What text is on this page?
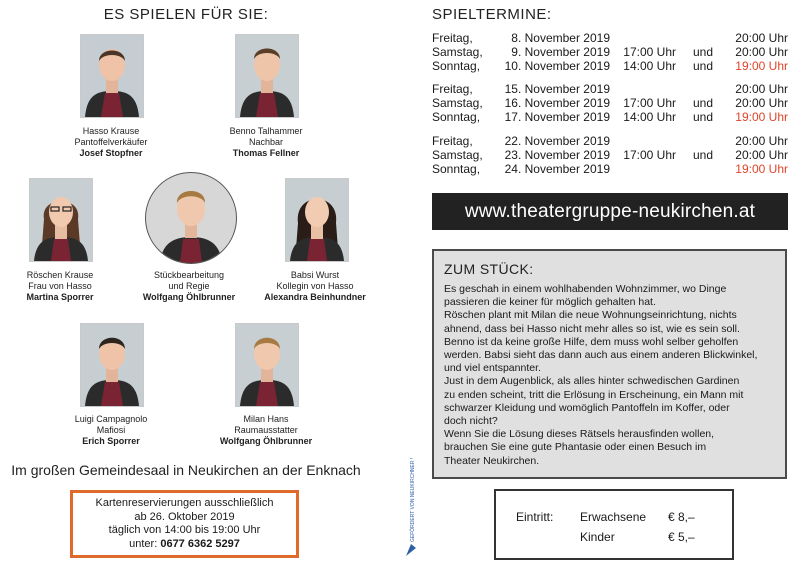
ES SPIELEN FÜR SIE:
Hasso Krause
Pantoffelverkäufer
Josef Stopfner
Benno Talhammer
Nachbar
Thomas Fellner
Röschen Krause
Frau von Hasso
Martina Sporrer
Stückbearbeitung
und Regie
Wolfgang Öhlbrunner
Babsi Wurst
Kollegin von Hasso
Alexandra Beinhundner
Luigi Campagnolo
Mafiosi
Erich Sporrer
Milan Hans
Raumausstatter
Wolfgang Öhlbrunner
Im großen Gemeindesaal in Neukirchen an der Enknach
Kartenreservierungen ausschließlich
ab 26. Oktober 2019
täglich von 14:00 bis 19:00 Uhr
unter: 0677 6362 5297
GEFÖRDERT VON NEUKIRCHNER VEREINIGUNG
SPIELTERMINE:
Freitag,	8. November 2019	20:00 Uhr
Samstag,	9. November 2019	17:00 Uhr und 20:00 Uhr
Sonntag,	10. November 2019	14:00 Uhr und 19:00 Uhr
Freitag,	15. November 2019	20:00 Uhr
Samstag,	16. November 2019	17:00 Uhr und 20:00 Uhr
Sonntag,	17. November 2019	14:00 Uhr und 19:00 Uhr
Freitag,	22. November 2019	20:00 Uhr
Samstag,	23. November 2019	17:00 Uhr und 20:00 Uhr
Sonntag,	24. November 2019	19:00 Uhr
www.theatergruppe-neukirchen.at
ZUM STÜCK:
Es geschah in einem wohlhabenden Wohnzimmer, wo Dinge
passieren die keiner für möglich gehalten hat.
Röschen plant mit Milan die neue Wohnungseinrichtung, nichts
ahnend, dass bei Hasso nicht mehr alles so ist, wie es sein soll.
Benno ist da keine große Hilfe, dem muss wohl selber geholfen
werden. Babsi sieht das dann auch aus einem anderen Blickwinkel,
und viel entspannter.
Just in dem Augenblick, als alles hinter schwedischen Gardinen
zu enden scheint, tritt die Erlösung in Erscheinung, ein Mann mit
schwarzer Kleidung und womöglich Pantoffeln im Koffer, oder
doch nicht?
Wenn Sie die Lösung dieses Rätsels herausfinden wollen,
brauchen Sie eine gute Phantasie oder einen Besuch im
Theater Neukirchen.
Eintritt: Erwachsene € 8,–
Kinder	€ 5,–
